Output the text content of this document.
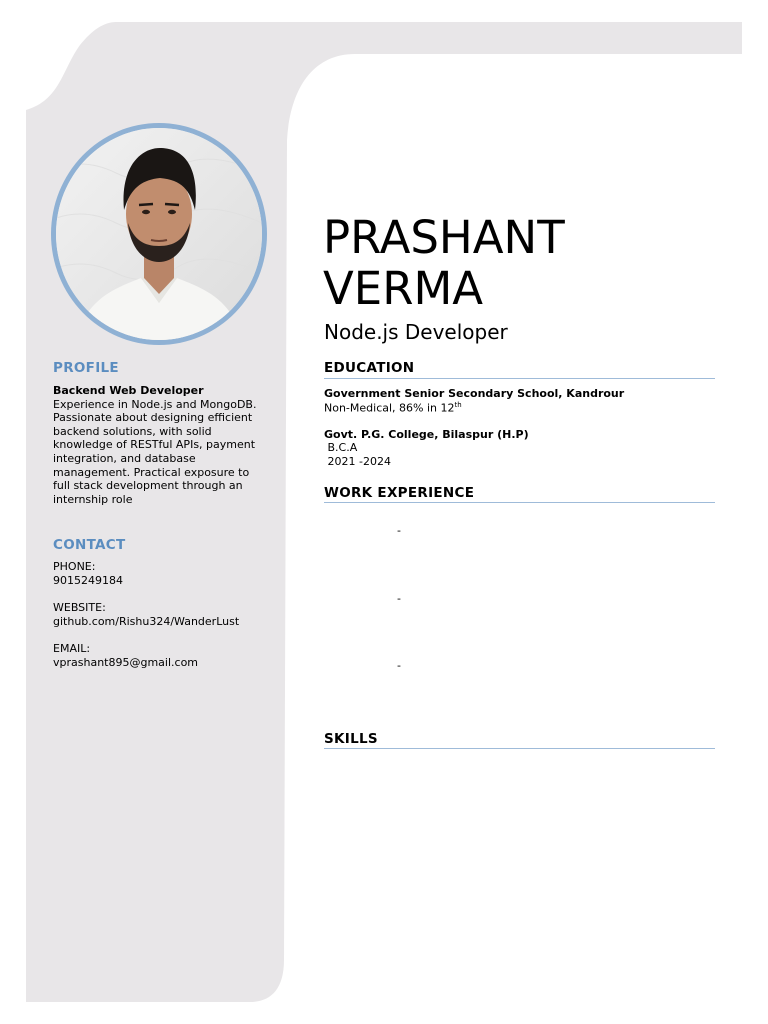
PROFILE
Backend Web Developer
Experience in Node.js and MongoDB.
Passionate about designing efficient
backend solutions, with solid
knowledge of RESTful APIs, payment
integration, and database
management. Practical exposure to
full stack development through an
internship role
CONTACT
PHONE:
9015249184
WEBSITE:
github.com/Rishu324/WanderLust
EMAIL:
vprashant895@gmail.com
PRASHANT
VERMA
Node.js Developer
EDUCATION
Government Senior Secondary School, Kandrour
Non-Medical, 86% in 12th
Govt. P.G. College, Bilaspur (H.P)
B.C.A
2021 -2024
WORK EXPERIENCE
-
-
-
SKILLS
